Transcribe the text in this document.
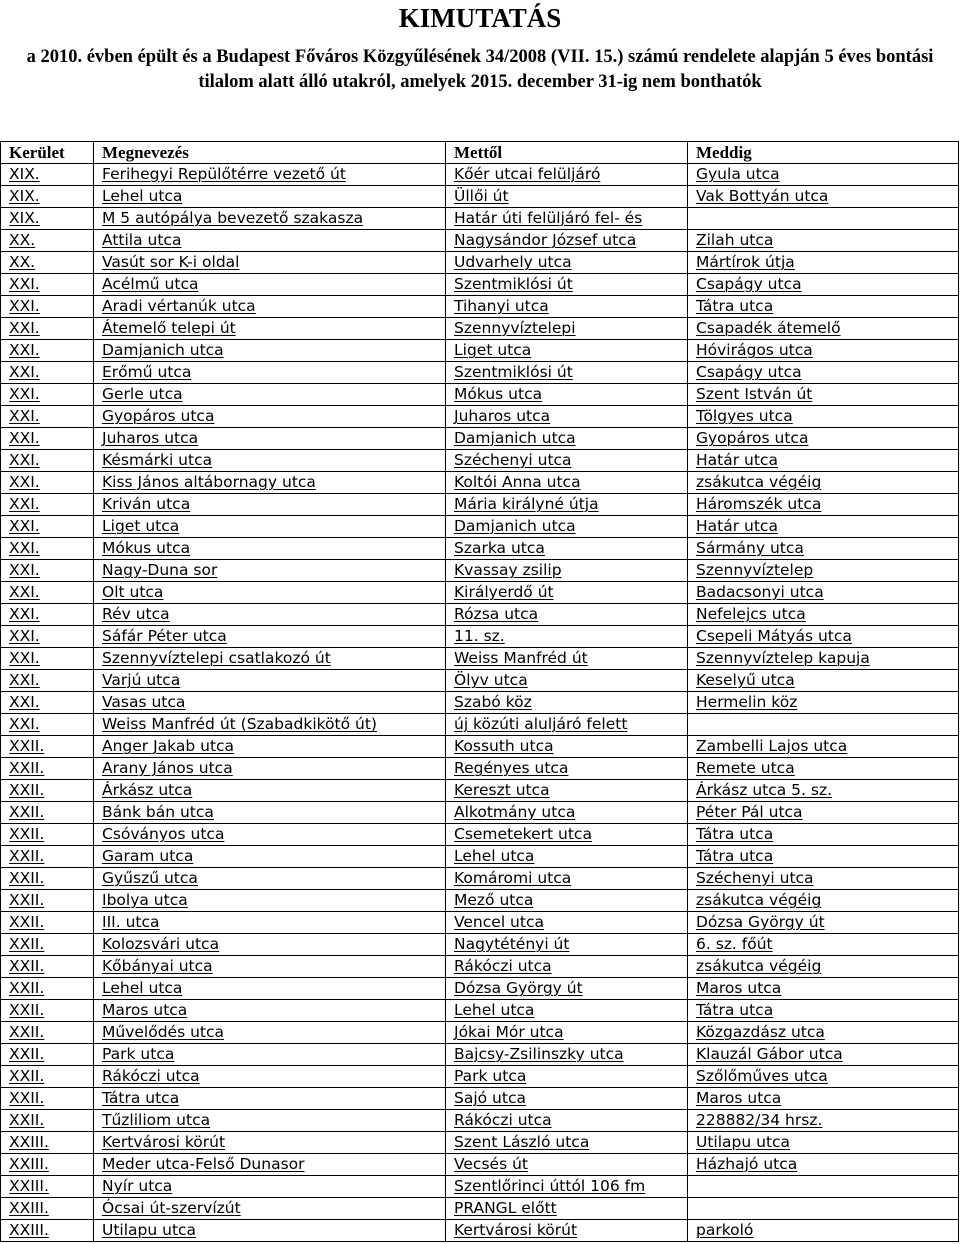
KIMUTATÁS
a 2010. évben épült és a Budapest Főváros Közgyűlésének 34/2008 (VII. 15.) számú rendelete alapján 5 éves bontási tilalom alatt álló utakról, amelyek 2015. december 31-ig nem bonthatók
Kerület	Megnevezés	Mettől	Meddig
XIX.	Ferihegyi Repülőtérre vezető út	Kőér utcai felüljáró	Gyula utca
XIX.	Lehel utca	Üllői út	Vak Bottyán utca
XIX.	M 5 autópálya bevezető szakasza	Határ úti felüljáró fel- és	
XX.	Attila utca	Nagysándor József utca	Zilah utca
XX.	Vasút sor K-i oldal	Udvarhely utca	Mártírok útja
XXI.	Acélmű utca	Szentmiklósi út	Csapágy utca
XXI.	Aradi vértanúk utca	Tihanyi utca	Tátra utca
XXI.	Átemelő telepi út	Szennyvíztelepi	Csapadék átemelő
XXI.	Damjanich utca	Liget utca	Hóvirágos utca
XXI.	Erőmű utca	Szentmiklósi út	Csapágy utca
XXI.	Gerle utca	Mókus utca	Szent István út
XXI.	Gyopáros utca	Juharos utca	Tölgyes utca
XXI.	Juharos utca	Damjanich utca	Gyopáros utca
XXI.	Késmárki utca	Széchenyi utca	Határ utca
XXI.	Kiss János altábornagy utca	Koltói Anna utca	zsákutca végéig
XXI.	Kriván utca	Mária királyné útja	Háromszék utca
XXI.	Liget utca	Damjanich utca	Határ utca
XXI.	Mókus utca	Szarka utca	Sármány utca
XXI.	Nagy-Duna sor	Kvassay zsilip	Szennyvíztelep
XXI.	Olt utca	Királyerdő út	Badacsonyi utca
XXI.	Rév utca	Rózsa utca	Nefelejcs utca
XXI.	Sáfár Péter utca	11. sz.	Csepeli Mátyás utca
XXI.	Szennyvíztelepi csatlakozó út	Weiss Manfréd út	Szennyvíztelep kapuja
XXI.	Varjú utca	Ölyv utca	Keselyű utca
XXI.	Vasas utca	Szabó köz	Hermelin köz
XXI.	Weiss Manfréd út (Szabadkikötő út)	új közúti aluljáró felett	
XXII.	Anger Jakab utca	Kossuth utca	Zambelli Lajos utca
XXII.	Arany János utca	Regényes utca	Remete utca
XXII.	Árkász utca	Kereszt utca	Árkász utca 5. sz.
XXII.	Bánk bán utca	Alkotmány utca	Péter Pál utca
XXII.	Csóványos utca	Csemetekert utca	Tátra utca
XXII.	Garam utca	Lehel utca	Tátra utca
XXII.	Gyűszű utca	Komáromi utca	Széchenyi utca
XXII.	Ibolya utca	Mező utca	zsákutca végéig
XXII.	III. utca	Vencel utca	Dózsa György út
XXII.	Kolozsvári utca	Nagytétényi út	6. sz. főút
XXII.	Kőbányai utca	Rákóczi utca	zsákutca végéig
XXII.	Lehel utca	Dózsa György út	Maros utca
XXII.	Maros utca	Lehel utca	Tátra utca
XXII.	Művelődés utca	Jókai Mór utca	Közgazdász utca
XXII.	Park utca	Bajcsy-Zsilinszky utca	Klauzál Gábor utca
XXII.	Rákóczi utca	Park utca	Szőlőműves utca
XXII.	Tátra utca	Sajó utca	Maros utca
XXII.	Tűzliliom utca	Rákóczi utca	228882/34 hrsz.
XXIII.	Kertvárosi körút	Szent László utca	Utilapu utca
XXIII.	Meder utca-Felső Dunasor	Vecsés út	Házhajó utca
XXIII.	Nyír utca	Szentlőrinci úttól 106 fm	
XXIII.	Ócsai út-szervízút	PRANGL előtt	
XXIII.	Utilapu utca	Kertvárosi körút	parkoló
